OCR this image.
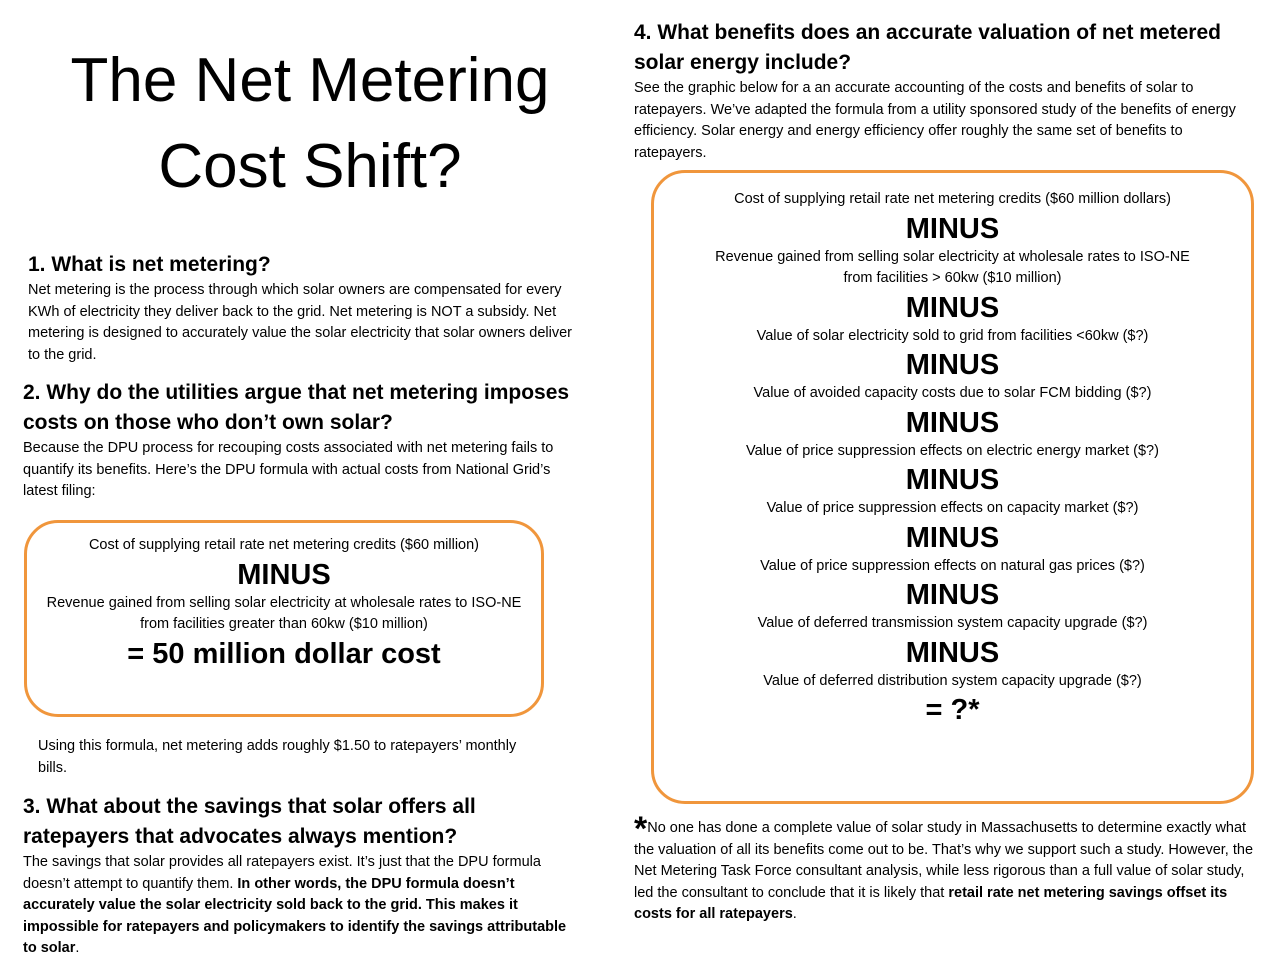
The Net Metering
Cost Shift?
1. What is net metering?

Net metering is the process through which solar owners are compensated for every KWh of electricity they deliver back to the grid. Net metering is NOT a subsidy. Net metering is designed to accurately value the solar electricity that solar owners deliver to the grid.

2. Why do the utilities argue that net metering imposes costs on those who don’t own solar?

Because the DPU process for recouping costs associated with net metering fails to quantify its benefits. Here’s the DPU formula with actual costs from National Grid’s latest filing:

Cost of supplying retail rate net metering credits ($60 million)

MINUS

Revenue gained from selling solar electricity at wholesale rates to ISO-NE from facilities greater than 60kw ($10 million)

= 50 million dollar cost

Using this formula, net metering adds roughly $1.50 to ratepayers’ monthly bills.

3. What about the savings that solar offers all ratepayers that advocates always mention?

The savings that solar provides all ratepayers exist. It’s just that the DPU formula doesn’t attempt to quantify them. In other words, the DPU formula doesn’t accurately value the solar electricity sold back to the grid. This makes it impossible for ratepayers and policymakers to identify the savings attributable to solar.

4. What benefits does an accurate valuation of net metered solar energy include?

See the graphic below for a an accurate accounting of the costs and benefits of solar to ratepayers. We’ve adapted the formula from a utility sponsored study of the benefits of energy efficiency. Solar energy and energy efficiency offer roughly the same set of benefits to ratepayers.

Cost of supplying retail rate net metering credits ($60 million dollars)

MINUS

Revenue gained from selling solar electricity at wholesale rates to ISO-NE from facilities > 60kw ($10 million)

MINUS

Value of solar electricity sold to grid from facilities <60kw ($?)

MINUS

Value of avoided capacity costs due to solar FCM bidding ($?)

MINUS

Value of price suppression effects on electric energy market ($?)

MINUS

Value of price suppression effects on capacity market ($?)

MINUS

Value of price suppression effects on natural gas prices ($?)

MINUS

Value of deferred transmission system capacity upgrade ($?)

MINUS

Value of deferred distribution system capacity upgrade ($?)

= ?*

*No one has done a complete value of solar study in Massachusetts to determine exactly what the valuation of all its benefits come out to be. That’s why we support such a study. However, the Net Metering Task Force consultant analysis, while less rigorous than a full value of solar study, led the consultant to conclude that it is likely that retail rate net metering savings offset its costs for all ratepayers.
